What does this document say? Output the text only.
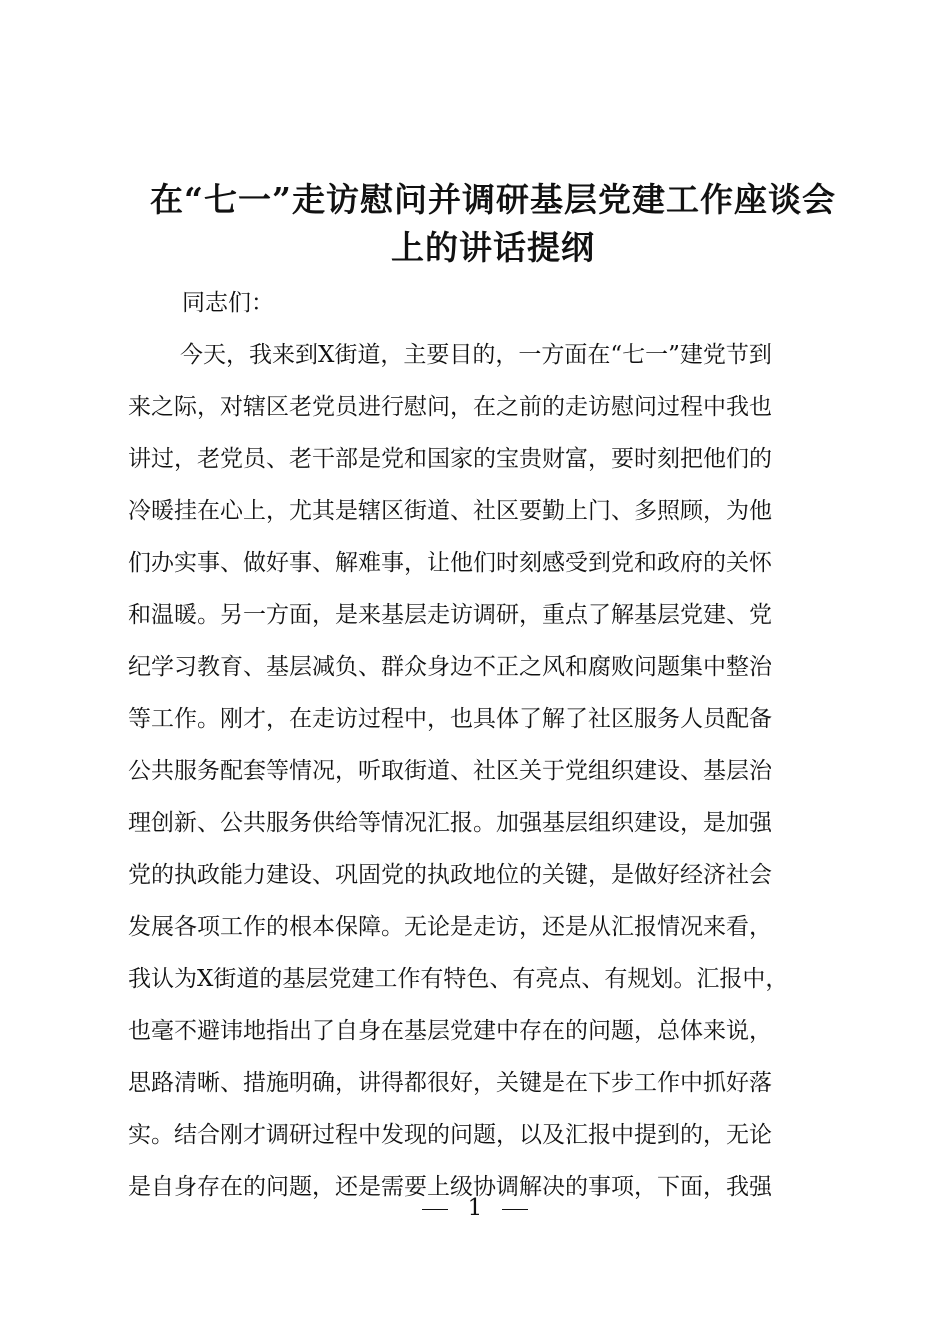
在“七一”走访慰问并调研基层党建工作座谈会
上的讲话提纲

同志们：

今天，我来到X街道，主要目的，一方面在“七一”建党节到
来之际，对辖区老党员进行慰问，在之前的走访慰问过程中我也
讲过，老党员、老干部是党和国家的宝贵财富，要时刻把他们的
冷暖挂在心上，尤其是辖区街道、社区要勤上门、多照顾，为他
们办实事、做好事、解难事，让他们时刻感受到党和政府的关怀
和温暖。另一方面，是来基层走访调研，重点了解基层党建、党
纪学习教育、基层减负、群众身边不正之风和腐败问题集中整治
等工作。刚才，在走访过程中，也具体了解了社区服务人员配备
公共服务配套等情况，听取街道、社区关于党组织建设、基层治
理创新、公共服务供给等情况汇报。加强基层组织建设，是加强
党的执政能力建设、巩固党的执政地位的关键，是做好经济社会
发展各项工作的根本保障。无论是走访，还是从汇报情况来看，
我认为X街道的基层党建工作有特色、有亮点、有规划。汇报中，
也毫不避讳地指出了自身在基层党建中存在的问题，总体来说，
思路清晰、措施明确，讲得都很好，关键是在下步工作中抓好落
实。结合刚才调研过程中发现的问题，以及汇报中提到的，无论
是自身存在的问题，还是需要上级协调解决的事项，下面，我强
1
